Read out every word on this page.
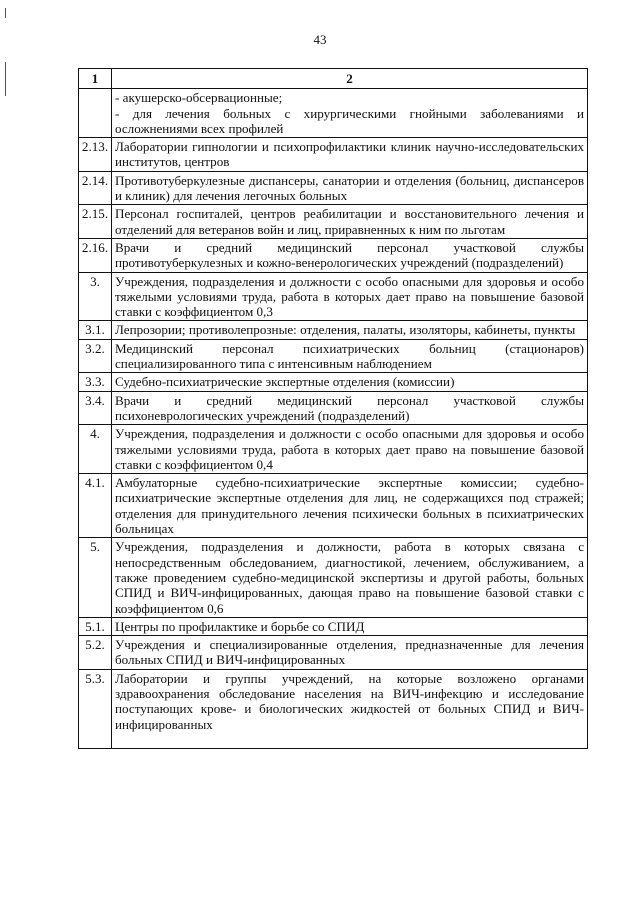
43
1	2

	- акушерско-обсервационные;
- для лечения больных с хирургическими гнойными заболеваниями и осложнениями всех профилей

2.13.	Лаборатории гипнологии и психопрофилактики клиник научно-исследовательских институтов, центров

2.14.	Противотуберкулезные диспансеры, санатории и отделения (больниц, диспансеров и клиник) для лечения легочных больных

2.15.	Персонал госпиталей, центров реабилитации и восстановительного лечения и отделений для ветеранов войн и лиц, приравненных к ним по льготам

2.16.	Врачи и средний медицинский персонал участковой службы противотуберкулезных и кожно-венерологических учреждений (подразделений)

3.	Учреждения, подразделения и должности с особо опасными для здоровья и особо тяжелыми условиями труда, работа в которых дает право на повышение базовой ставки с коэффициентом 0,3

3.1.	Лепрозории; противолепрозные: отделения, палаты, изоляторы, кабинеты, пункты

3.2.	Медицинский персонал психиатрических больниц (стационаров) специализированного типа с интенсивным наблюдением

3.3.	Судебно-психиатрические экспертные отделения (комиссии)

3.4.	Врачи и средний медицинский персонал участковой службы психоневрологических учреждений (подразделений)

4.	Учреждения, подразделения и должности с особо опасными для здоровья и особо тяжелыми условиями труда, работа в которых дает право на повышение базовой ставки с коэффициентом 0,4

4.1.	Амбулаторные судебно-психиатрические экспертные комиссии; судебно-психиатрические экспертные отделения для лиц, не содержащихся под стражей; отделения для принудительного лечения психически больных в психиатрических больницах

5.	Учреждения, подразделения и должности, работа в которых связана с непосредственным обследованием, диагностикой, лечением, обслуживанием, а также проведением судебно-медицинской экспертизы и другой работы, больных СПИД и ВИЧ-инфицированных, дающая право на повышение базовой ставки с коэффициентом 0,6

5.1.	Центры по профилактике и борьбе со СПИД

5.2.	Учреждения и специализированные отделения, предназначенные для лечения больных СПИД и ВИЧ-инфицированных

5.3.	Лаборатории и группы учреждений, на которые возложено органами здравоохранения обследование населения на ВИЧ-инфекцию и исследование поступающих крове- и биологических жидкостей от больных СПИД и ВИЧ-инфицированных
